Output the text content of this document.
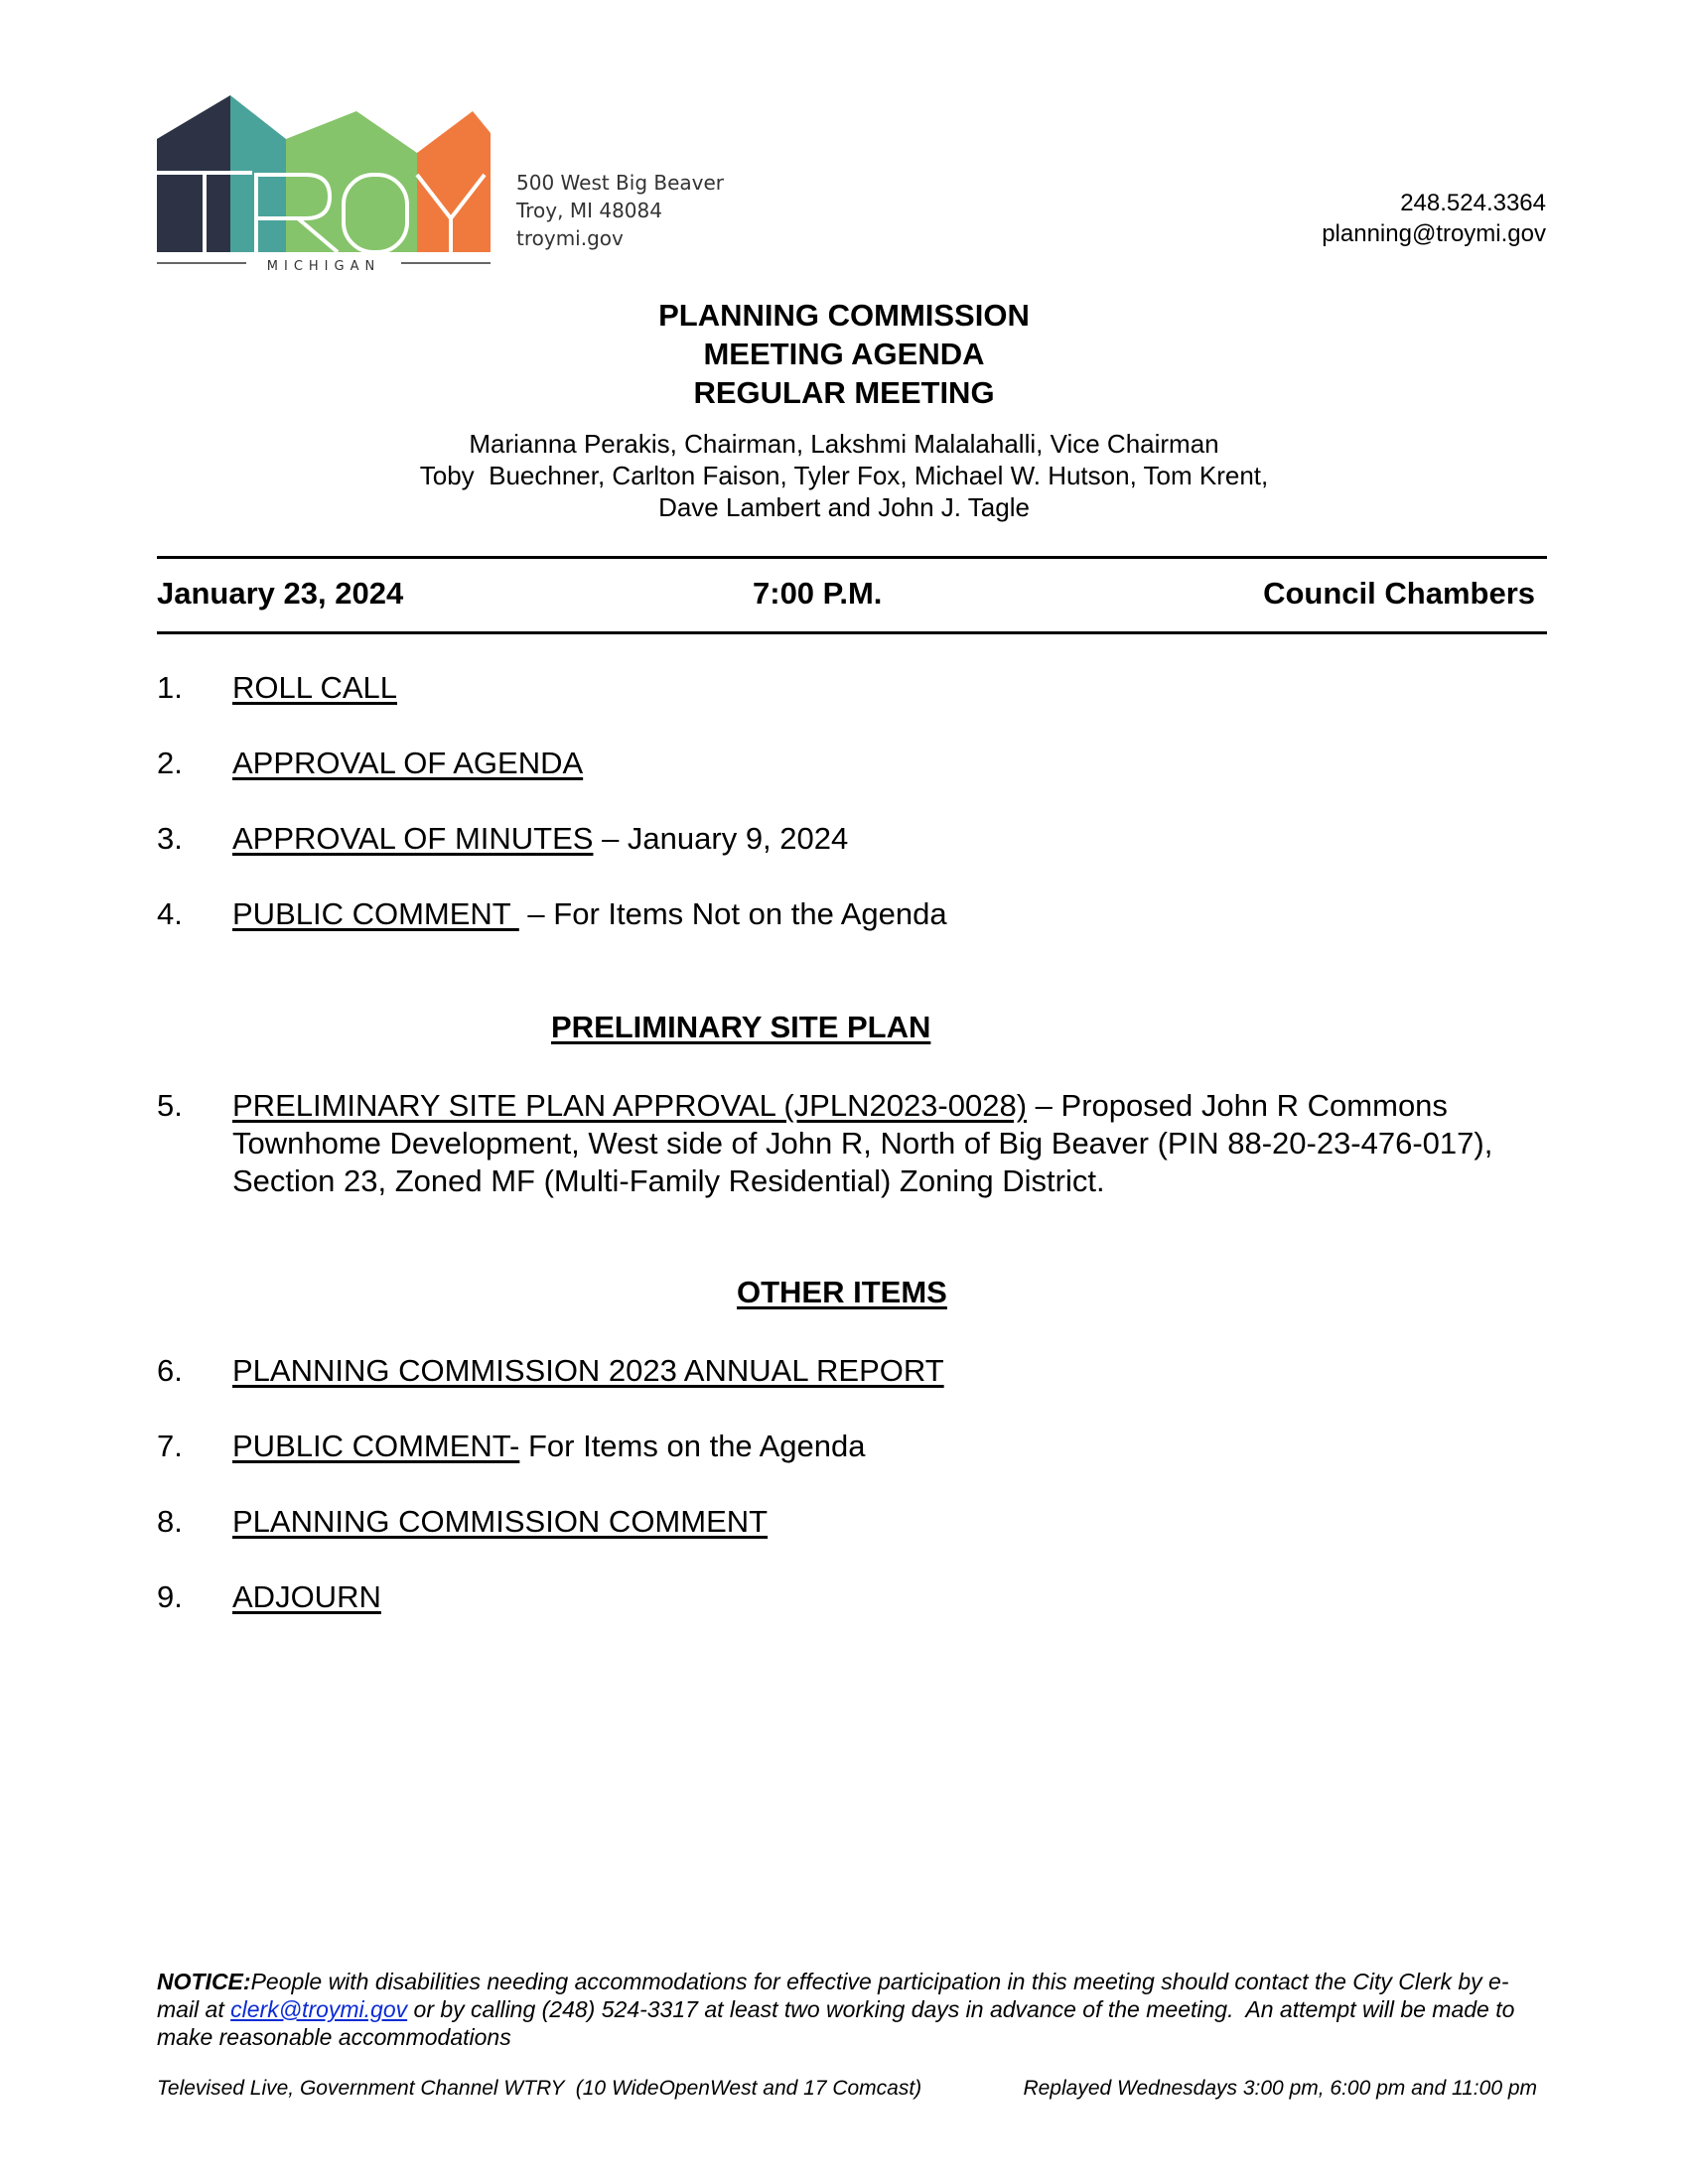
TROY
MICHIGAN
500 West Big Beaver
Troy, MI 48084
troymi.gov
248.524.3364
planning@troymi.gov
PLANNING COMMISSION
MEETING AGENDA
REGULAR MEETING
Marianna Perakis, Chairman, Lakshmi Malalahalli, Vice Chairman
Toby  Buechner, Carlton Faison, Tyler Fox, Michael W. Hutson, Tom Krent,
Dave Lambert and John J. Tagle
January 23, 2024	7:00 P.M.	Council Chambers
1. ROLL CALL
2. APPROVAL OF AGENDA
3. APPROVAL OF MINUTES – January 9, 2024
4. PUBLIC COMMENT  – For Items Not on the Agenda
PRELIMINARY SITE PLAN
5. PRELIMINARY SITE PLAN APPROVAL (JPLN2023-0028) – Proposed John R Commons Townhome Development, West side of John R, North of Big Beaver (PIN 88-20-23-476-017), Section 23, Zoned MF (Multi-Family Residential) Zoning District.
OTHER ITEMS
6. PLANNING COMMISSION 2023 ANNUAL REPORT
7. PUBLIC COMMENT- For Items on the Agenda
8. PLANNING COMMISSION COMMENT
9. ADJOURN
NOTICE:People with disabilities needing accommodations for effective participation in this meeting should contact the City Clerk by e-mail at clerk@troymi.gov or by calling (248) 524-3317 at least two working days in advance of the meeting.  An attempt will be made to make reasonable accommodations
Televised Live, Government Channel WTRY  (10 WideOpenWest and 17 Comcast)	Replayed Wednesdays 3:00 pm, 6:00 pm and 11:00 pm
